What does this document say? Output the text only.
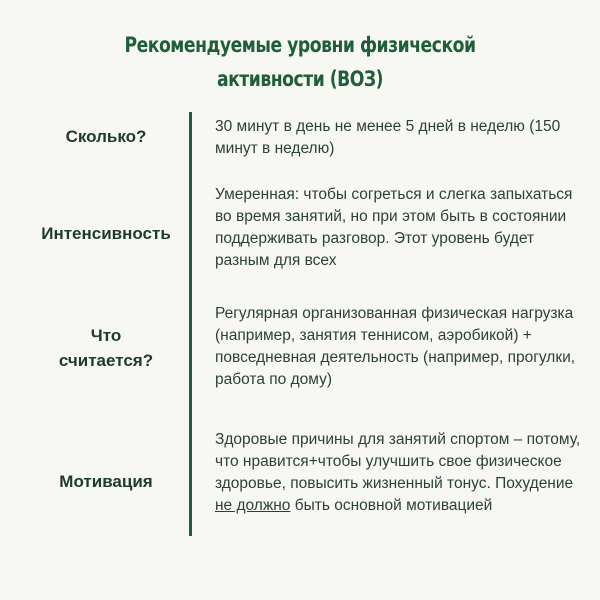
Рекомендуемые уровни физической
активности (ВОЗ)
Сколько?
30 минут в день не менее 5 дней в неделю (150 минут в неделю)
Интенсивность
Умеренная: чтобы согреться и слегка запыхаться во время занятий, но при этом быть в состоянии поддерживать разговор. Этот уровень будет разным для всех
Что
считается?
Регулярная организованная физическая нагрузка (например, занятия теннисом, аэробикой) + повседневная деятельность (например, прогулки, работа по дому)
Мотивация
Здоровые причины для занятий спортом – потому, что нравится+чтобы улучшить свое физическое здоровье, повысить жизненный тонус. Похудение не должно быть основной мотивацией
